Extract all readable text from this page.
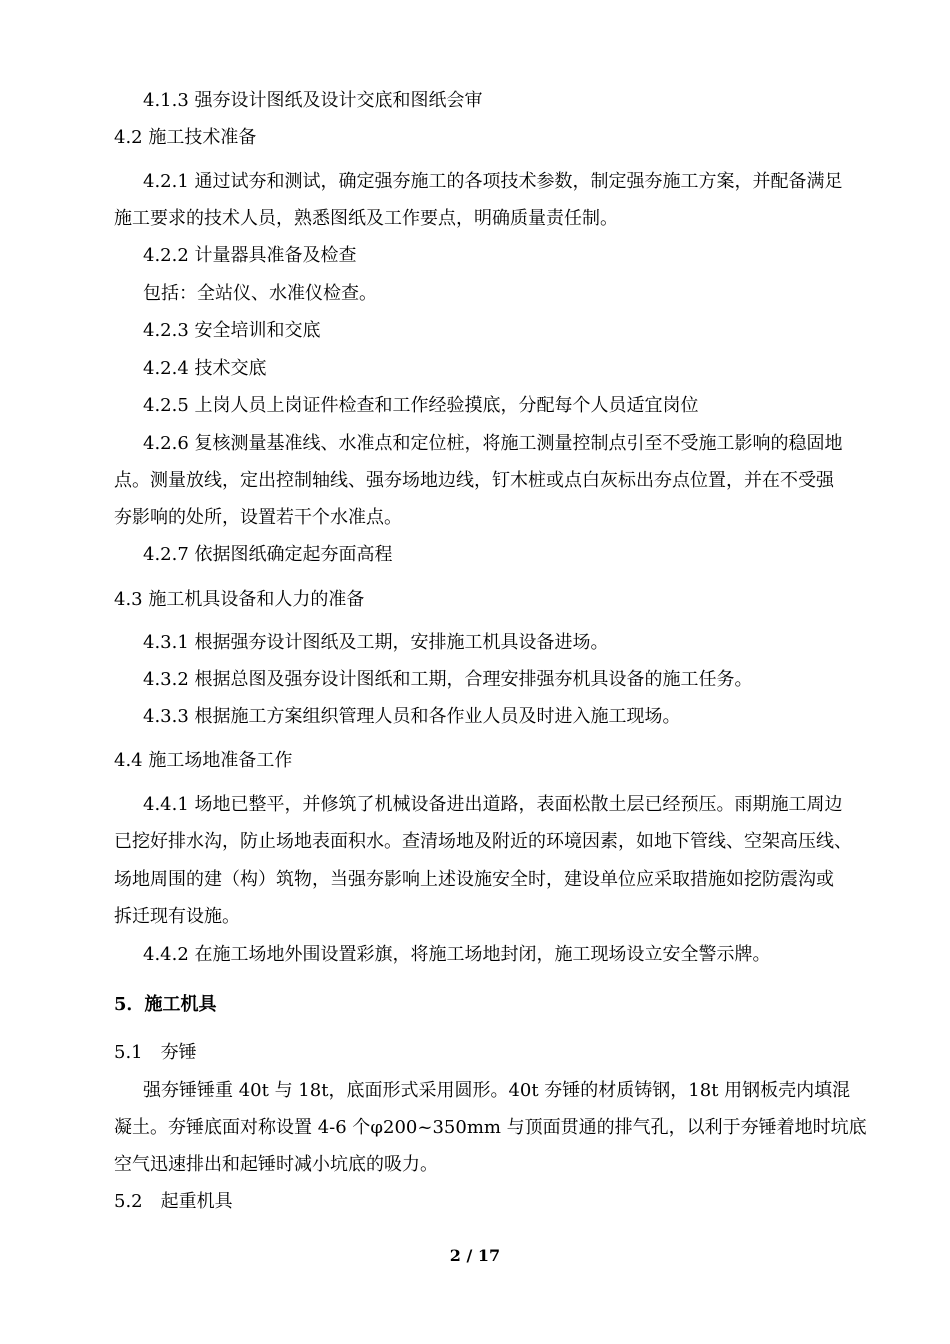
4.1.3 强夯设计图纸及设计交底和图纸会审
4.2 施工技术准备
4.2.1 通过试夯和测试，确定强夯施工的各项技术参数，制定强夯施工方案，并配备满足
施工要求的技术人员，熟悉图纸及工作要点，明确质量责任制。
4.2.2 计量器具准备及检查
包括：全站仪、水准仪检查。
4.2.3 安全培训和交底
4.2.4 技术交底
4.2.5 上岗人员上岗证件检查和工作经验摸底，分配每个人员适宜岗位
4.2.6 复核测量基准线、水准点和定位桩，将施工测量控制点引至不受施工影响的稳固地
点。测量放线，定出控制轴线、强夯场地边线，钉木桩或点白灰标出夯点位置，并在不受强
夯影响的处所，设置若干个水准点。
4.2.7 依据图纸确定起夯面高程
4.3 施工机具设备和人力的准备
4.3.1 根据强夯设计图纸及工期，安排施工机具设备进场。
4.3.2 根据总图及强夯设计图纸和工期，合理安排强夯机具设备的施工任务。
4.3.3 根据施工方案组织管理人员和各作业人员及时进入施工现场。
4.4 施工场地准备工作
4.4.1 场地已整平，并修筑了机械设备进出道路，表面松散土层已经预压。雨期施工周边
已挖好排水沟，防止场地表面积水。查清场地及附近的环境因素，如地下管线、空架高压线、
场地周围的建（构）筑物，当强夯影响上述设施安全时，建设单位应采取措施如挖防震沟或
拆迁现有设施。
4.4.2 在施工场地外围设置彩旗，将施工场地封闭，施工现场设立安全警示牌。
5．施工机具
5.1　夯锤
强夯锤锤重 40t 与 18t，底面形式采用圆形。40t 夯锤的材质铸钢，18t 用钢板壳内填混
凝土。夯锤底面对称设置 4-6 个φ200~350mm 与顶面贯通的排气孔，以利于夯锤着地时坑底
空气迅速排出和起锤时减小坑底的吸力。
5.2　起重机具
2 / 17
